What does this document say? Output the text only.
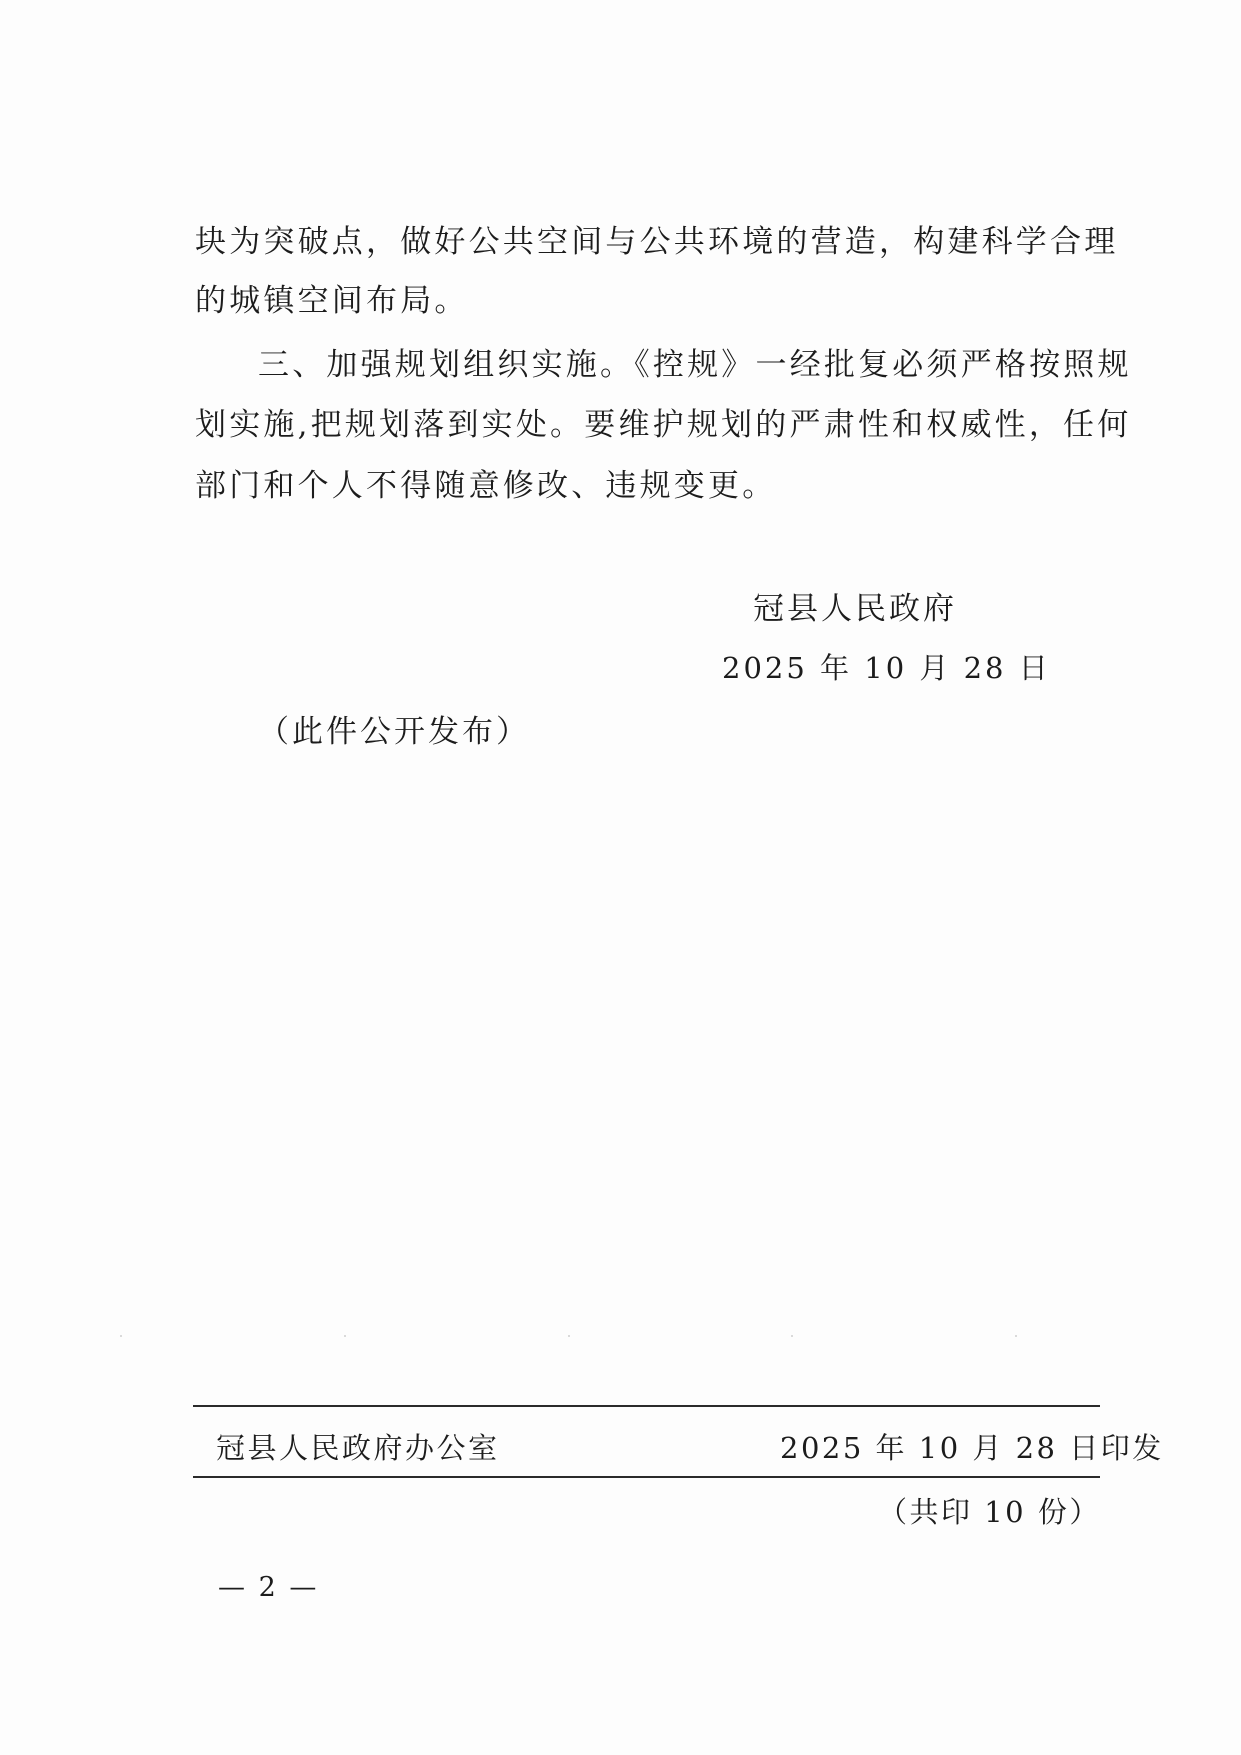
块为突破点，做好公共空间与公共环境的营造，构建科学合理
的城镇空间布局。
三、加强规划组织实施。《控规》一经批复必须严格按照规
划实施,把规划落到实处。要维护规划的严肃性和权威性，任何
部门和个人不得随意修改、违规变更。
冠县人民政府
2025 年 10 月 28 日
（此件公开发布）
冠县人民政府办公室	2025 年 10 月 28 日印发
（共印 10 份）
— 2 —
